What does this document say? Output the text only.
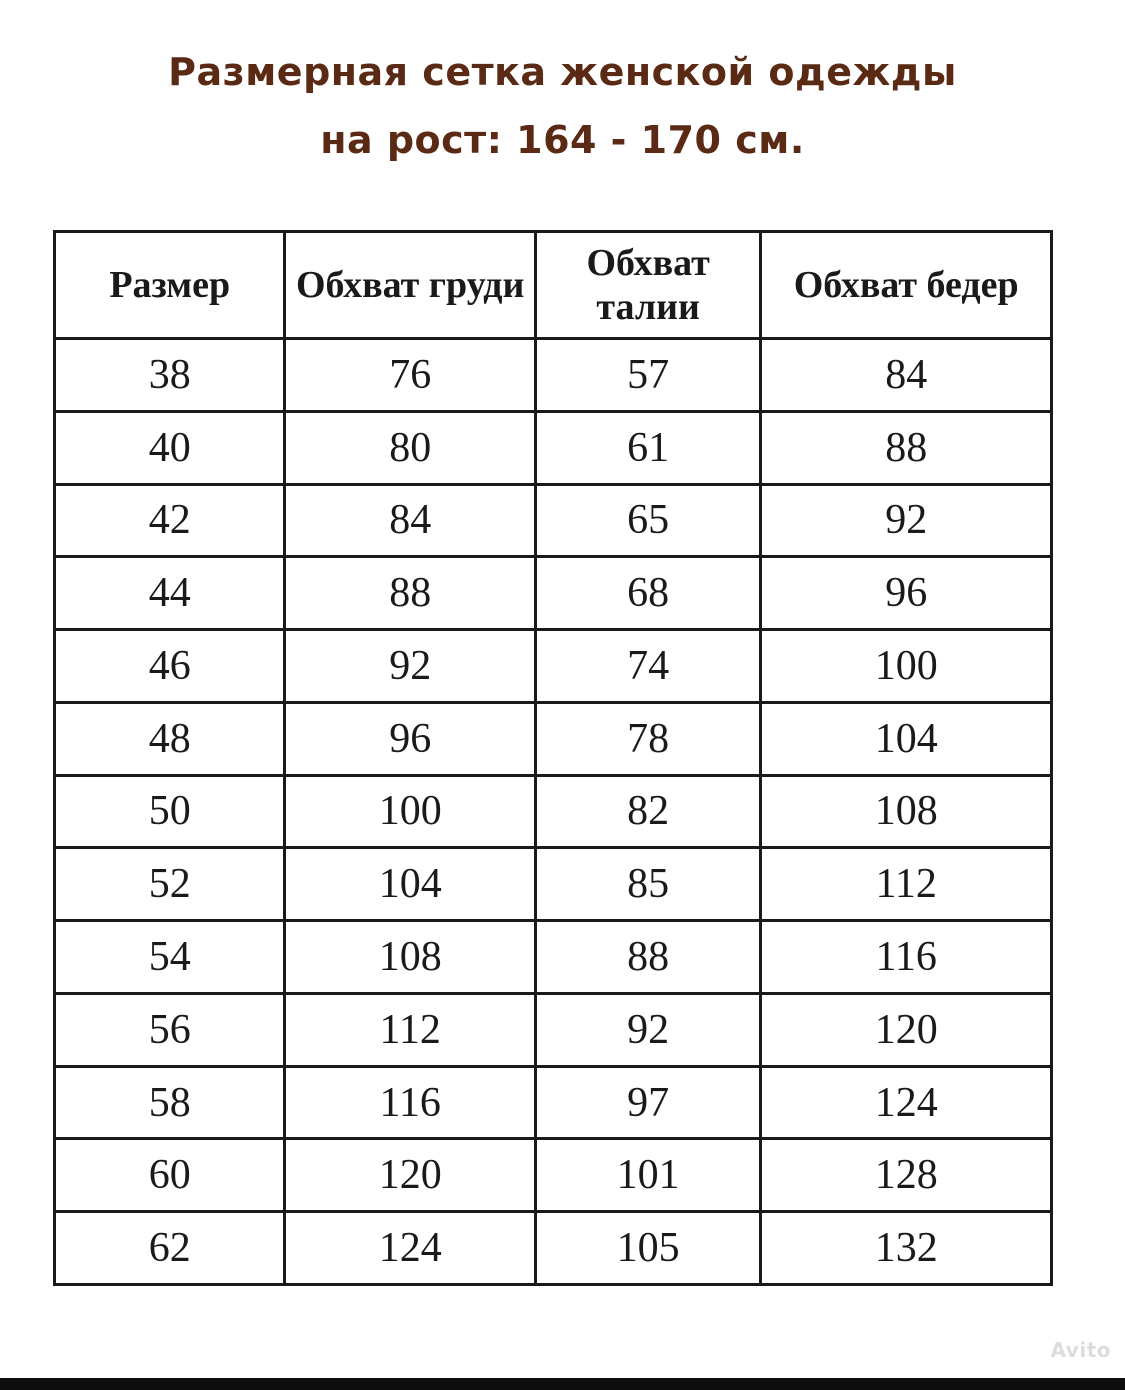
Размерная сетка женской одежды
на рост: 164 - 170 см.
Размер	Обхват груди	Обхват талии	Обхват бедер
38	76	57	84
40	80	61	88
42	84	65	92
44	88	68	96
46	92	74	100
48	96	78	104
50	100	82	108
52	104	85	112
54	108	88	116
56	112	92	120
58	116	97	124
60	120	101	128
62	124	105	132
Avito
